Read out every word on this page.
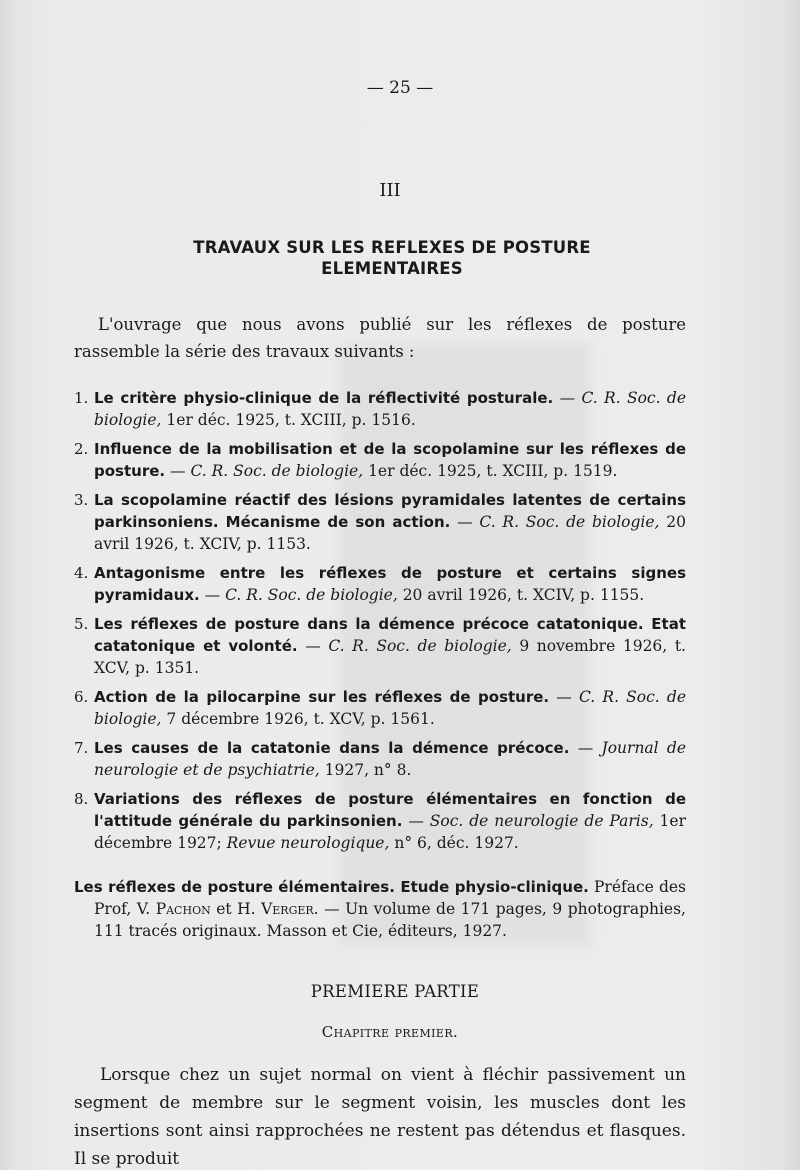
— 25 —
III
TRAVAUX SUR LES REFLEXES DE POSTURE
ELEMENTAIRES

L'ouvrage que nous avons publié sur les réflexes de posture rassemble la série des travaux suivants :

1. Le critère physio-clinique de la réflectivité posturale. — C. R. Soc. de biologie, 1er déc. 1925, t. XCIII, p. 1516.
2. Influence de la mobilisation et de la scopolamine sur les réflexes de posture. — C. R. Soc. de biologie, 1er déc. 1925, t. XCIII, p. 1519.
3. La scopolamine réactif des lésions pyramidales latentes de certains parkinsoniens. Mécanisme de son action. — C. R. Soc. de biologie, 20 avril 1926, t. XCIV, p. 1153.
4. Antagonisme entre les réflexes de posture et certains signes pyramidaux. — C. R. Soc. de biologie, 20 avril 1926, t. XCIV, p. 1155.
5. Les réflexes de posture dans la démence précoce catatonique. Etat catatonique et volonté. — C. R. Soc. de biologie, 9 novembre 1926, t. XCV, p. 1351.
6. Action de la pilocarpine sur les réflexes de posture. — C. R. Soc. de biologie, 7 décembre 1926, t. XCV, p. 1561.
7. Les causes de la catatonie dans la démence précoce. — Journal de neurologie et de psychiatrie, 1927, n° 8.
8. Variations des réflexes de posture élémentaires en fonction de l'attitude générale du parkinsonien. — Soc. de neurologie de Paris, 1er décembre 1927; Revue neurologique, n° 6, déc. 1927.

Les réflexes de posture élémentaires. Etude physio-clinique. Préface des Prof, V. Pachon et H. Verger. — Un volume de 171 pages, 9 photographies, 111 tracés originaux. Masson et Cie, éditeurs, 1927.

PREMIERE PARTIE
Chapitre premier.

Lorsque chez un sujet normal on vient à fléchir passivement un segment de membre sur le segment voisin, les muscles dont les insertions sont ainsi rapprochées ne restent pas détendus et flasques. Il se produit
